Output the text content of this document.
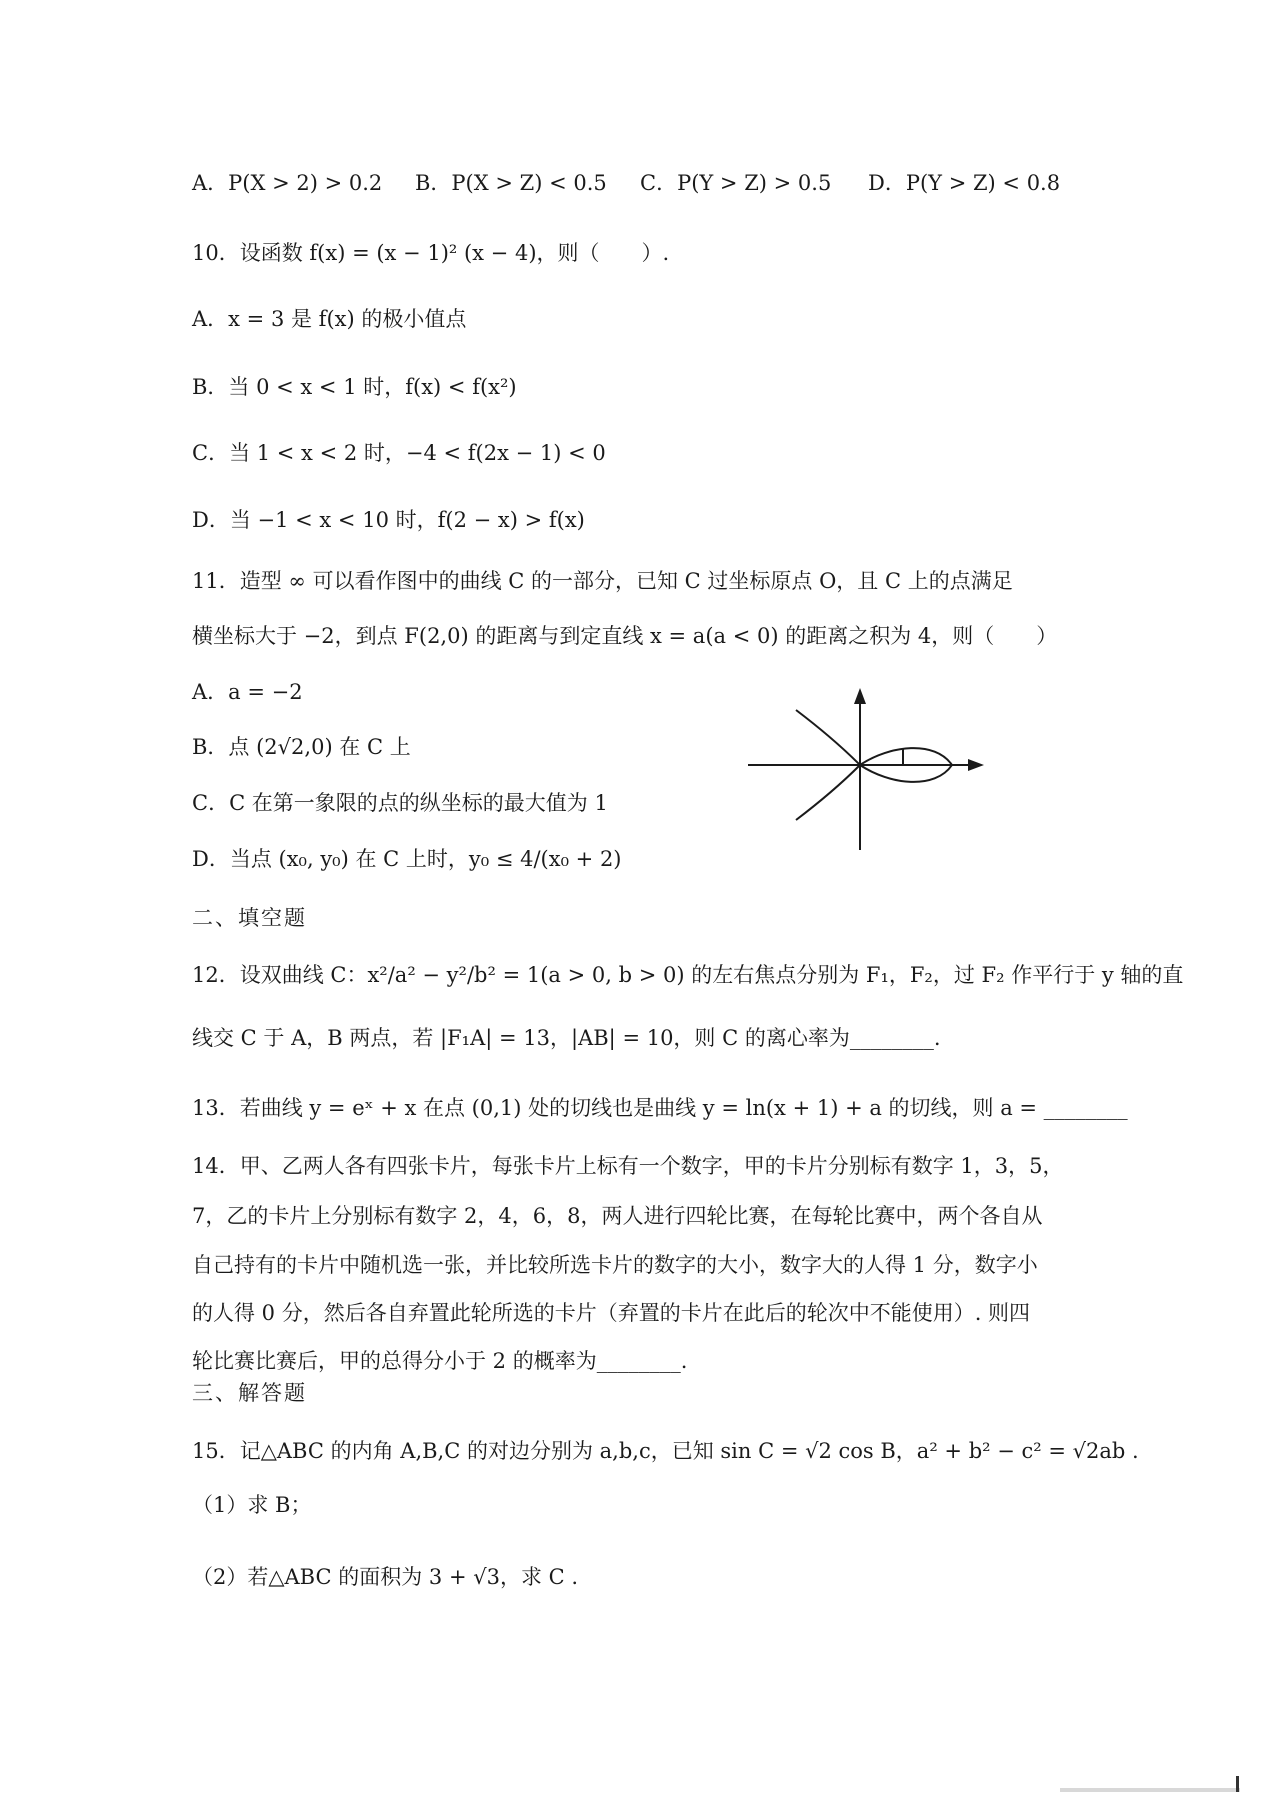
A．P(X > 2) > 0.2 B．P(X > Z) < 0.5 C．P(Y > Z) > 0.5 D．P(Y > Z) < 0.8
10．设函数 f(x) = (x − 1)² (x − 4)，则（　　）.
A．x = 3 是 f(x) 的极小值点
B．当 0 < x < 1 时，f(x) < f(x²)
C．当 1 < x < 2 时，−4 < f(2x − 1) < 0
D．当 −1 < x < 10 时，f(2 − x) > f(x)
11．造型 ∞ 可以看作图中的曲线 C 的一部分，已知 C 过坐标原点 O，且 C 上的点满足
横坐标大于 −2，到点 F(2,0) 的距离与到定直线 x = a(a < 0) 的距离之积为 4，则（　　）
A．a = −2
B．点 (2√2,0) 在 C 上
C．C 在第一象限的点的纵坐标的最大值为 1
D．当点 (x₀, y₀) 在 C 上时，y₀ ≤ 4/(x₀ + 2)
二、填空题
12．设双曲线 C：x²/a² − y²/b² = 1(a > 0, b > 0) 的左右焦点分别为 F₁，F₂，过 F₂ 作平行于 y 轴的直
线交 C 于 A，B 两点，若 |F₁A| = 13，|AB| = 10，则 C 的离心率为________.
13．若曲线 y = eˣ + x 在点 (0,1) 处的切线也是曲线 y = ln(x + 1) + a 的切线，则 a = ________
14．甲、乙两人各有四张卡片，每张卡片上标有一个数字，甲的卡片分别标有数字 1，3，5，
7，乙的卡片上分别标有数字 2，4，6，8，两人进行四轮比赛，在每轮比赛中，两个各自从
自己持有的卡片中随机选一张，并比较所选卡片的数字的大小，数字大的人得 1 分，数字小
的人得 0 分，然后各自弃置此轮所选的卡片（弃置的卡片在此后的轮次中不能使用）. 则四
轮比赛比赛后，甲的总得分小于 2 的概率为________.
三、解答题
15．记△ABC 的内角 A,B,C 的对边分别为 a,b,c，已知 sin C = √2 cos B，a² + b² − c² = √2ab .
（1）求 B；
（2）若△ABC 的面积为 3 + √3，求 C .
